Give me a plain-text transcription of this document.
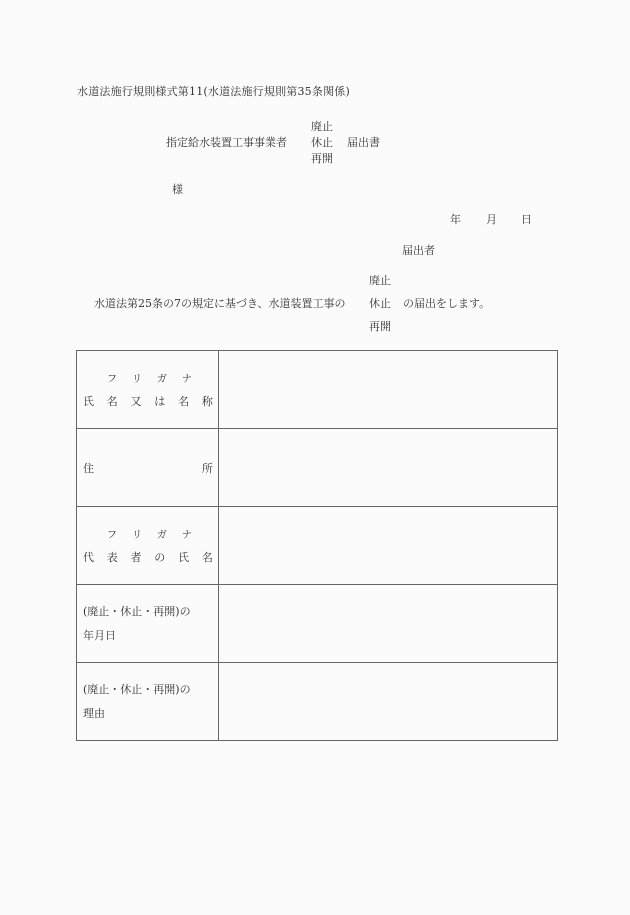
水道法施行規則様式第11(水道法施行規則第35条関係)
指定給水装置工事事業者
廃止
休止
再開
届出書
様
年 月 日
届出者
水道法第25条の7の規定に基づき、水道装置工事の
廃止
休止
再開
の届出をします。
フ リ ガ ナ
氏 名 又 は 名 称

住 所	

フ リ ガ ナ
代 表 者 の 氏 名

(廃止・休止・再開)の
年月日	

(廃止・休止・再開)の
理由	
